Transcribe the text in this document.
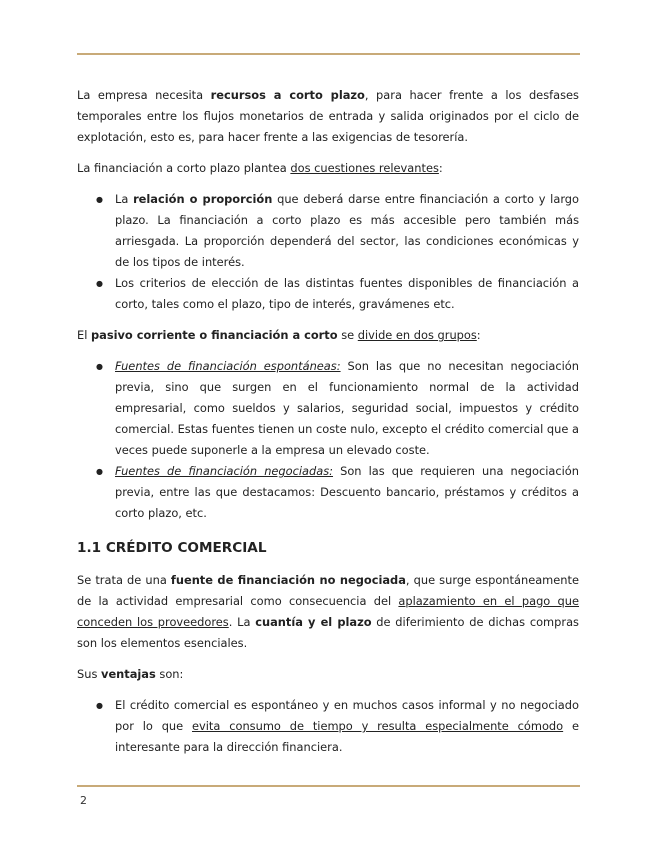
La empresa necesita recursos a corto plazo, para hacer frente a los desfases temporales entre los flujos monetarios de entrada y salida originados por el ciclo de explotación, esto es, para hacer frente a las exigencias de tesorería.

La financiación a corto plazo plantea dos cuestiones relevantes:

● La relación o proporción que deberá darse entre financiación a corto y largo plazo. La financiación a corto plazo es más accesible pero también más arriesgada. La proporción dependerá del sector, las condiciones económicas y de los tipos de interés.
● Los criterios de elección de las distintas fuentes disponibles de financiación a corto, tales como el plazo, tipo de interés, gravámenes etc.

El pasivo corriente o financiación a corto se divide en dos grupos:

● Fuentes de financiación espontáneas: Son las que no necesitan negociación previa, sino que surgen en el funcionamiento normal de la actividad empresarial, como sueldos y salarios, seguridad social, impuestos y crédito comercial. Estas fuentes tienen un coste nulo, excepto el crédito comercial que a veces puede suponerle a la empresa un elevado coste.
● Fuentes de financiación negociadas: Son las que requieren una negociación previa, entre las que destacamos: Descuento bancario, préstamos y créditos a corto plazo, etc.
1.1 CRÉDITO COMERCIAL

Se trata de una fuente de financiación no negociada, que surge espontáneamente de la actividad empresarial como consecuencia del aplazamiento en el pago que conceden los proveedores. La cuantía y el plazo de diferimiento de dichas compras son los elementos esenciales.

Sus ventajas son:

● El crédito comercial es espontáneo y en muchos casos informal y no negociado por lo que evita consumo de tiempo y resulta especialmente cómodo e interesante para la dirección financiera.
2
